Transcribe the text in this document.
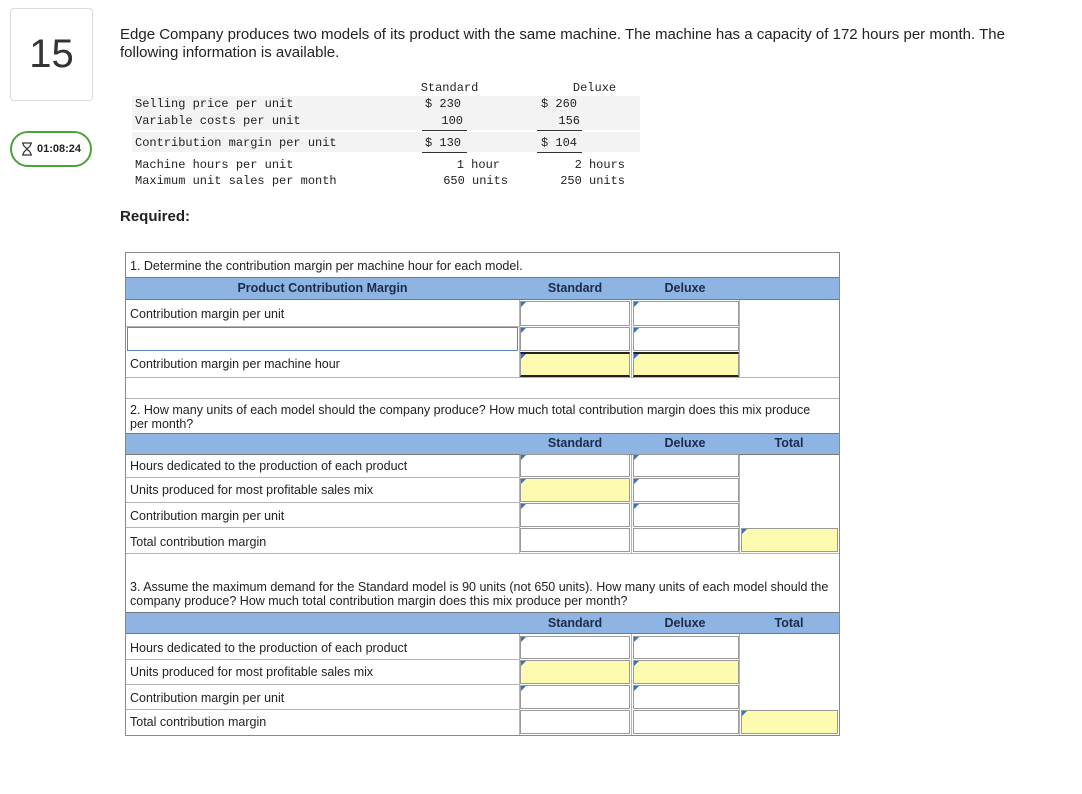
15
01:08:24
Edge Company produces two models of its product with the same machine. The machine has a capacity of 172 hours per month. The following information is available.
Standard	Deluxe
Selling price per unit	$ 230	$ 260
Variable costs per unit	100	156
Contribution margin per unit	$ 130	$ 104
Machine hours per unit	1 hour	2 hours
Maximum unit sales per month	650 units	250 units
Required:
1. Determine the contribution margin per machine hour for each model.
Product Contribution Margin	Standard	Deluxe
Contribution margin per unit
Contribution margin per machine hour
2. How many units of each model should the company produce? How much total contribution margin does this mix produce per month?
Standard	Deluxe	Total
Hours dedicated to the production of each product
Units produced for most profitable sales mix
Contribution margin per unit
Total contribution margin
3. Assume the maximum demand for the Standard model is 90 units (not 650 units). How many units of each model should the company produce? How much total contribution margin does this mix produce per month?
Standard	Deluxe	Total
Hours dedicated to the production of each product
Units produced for most profitable sales mix
Contribution margin per unit
Total contribution margin
